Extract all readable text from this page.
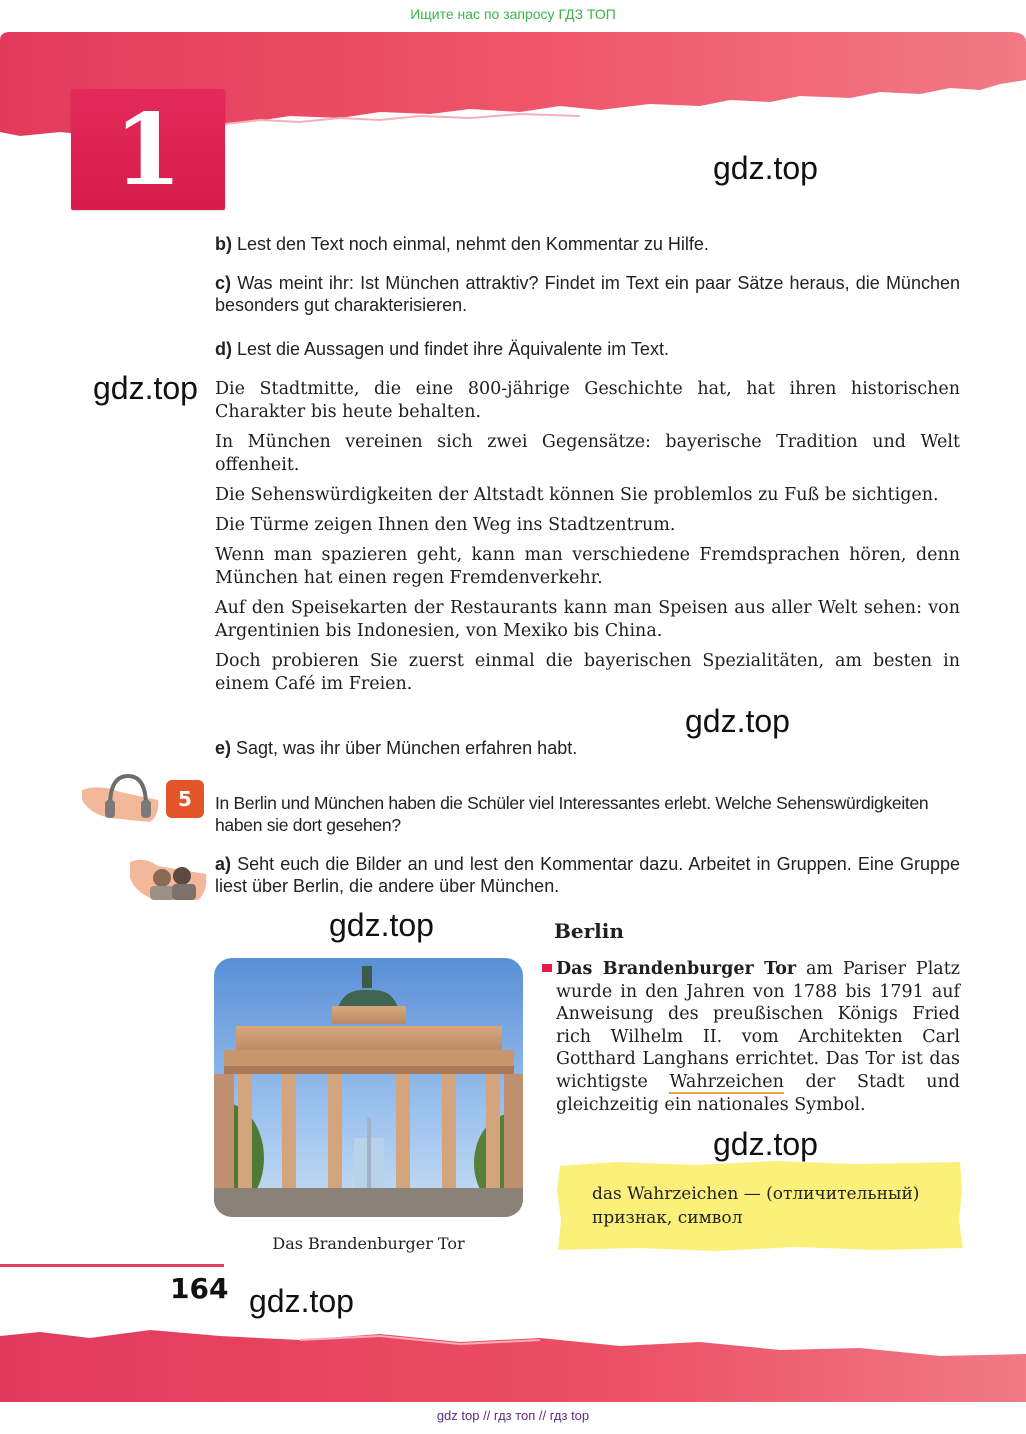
Ищите нас по запросу ГДЗ ТОП
1	gdz.top
gdz.top
gdz.top
gdz.top
gdz.top
gdz.top
b) Lest den Text noch einmal, nehmt den Kommentar zu Hilfe.
c) Was meint ihr: Ist München attraktiv? Findet im Text ein paar Sätze heraus, die München besonders gut charakterisieren.
d) Lest die Aussagen und findet ihre Äquivalente im Text.

Die Stadtmitte, die eine 800-jährige Geschichte hat, hat ihren historischen Charakter bis heute behalten.

In München vereinen sich zwei Gegensätze: bayerische Tradition und Welt offenheit.

Die Sehenswürdigkeiten der Altstadt können Sie problemlos zu Fuß be sichtigen.

Die Türme zeigen Ihnen den Weg ins Stadtzentrum.

Wenn man spazieren geht, kann man verschiedene Fremdsprachen hören, denn München hat einen regen Fremdenverkehr.

Auf den Speisekarten der Restaurants kann man Speisen aus aller Welt sehen: von Argentinien bis Indonesien, von Mexiko bis China.

Doch probieren Sie zuerst einmal die bayerischen Spezialitäten, am besten in einem Café im Freien.

e) Sagt, was ihr über München erfahren habt.
5	In Berlin und München haben die Schüler viel Interessantes erlebt. Welche Sehenswürdigkeiten haben sie dort gesehen?
a) Seht euch die Bilder an und lest den Kommentar dazu. Arbeitet in Gruppen. Eine Gruppe liest über Berlin, die andere über München.
Das Brandenburger Tor
Berlin
Das Brandenburger Tor am Pariser Platz wurde in den Jahren von 1788 bis 1791 auf Anweisung des preußischen Königs Fried rich Wilhelm II. vom Architekten Carl Gotthard Langhans errichtet. Das Tor ist das wichtigste Wahrzeichen der Stadt und gleichzeitig ein nationales Symbol.
das Wahrzeichen — (отличительный) признак, символ
164
gdz top // гдз топ // гдз top
